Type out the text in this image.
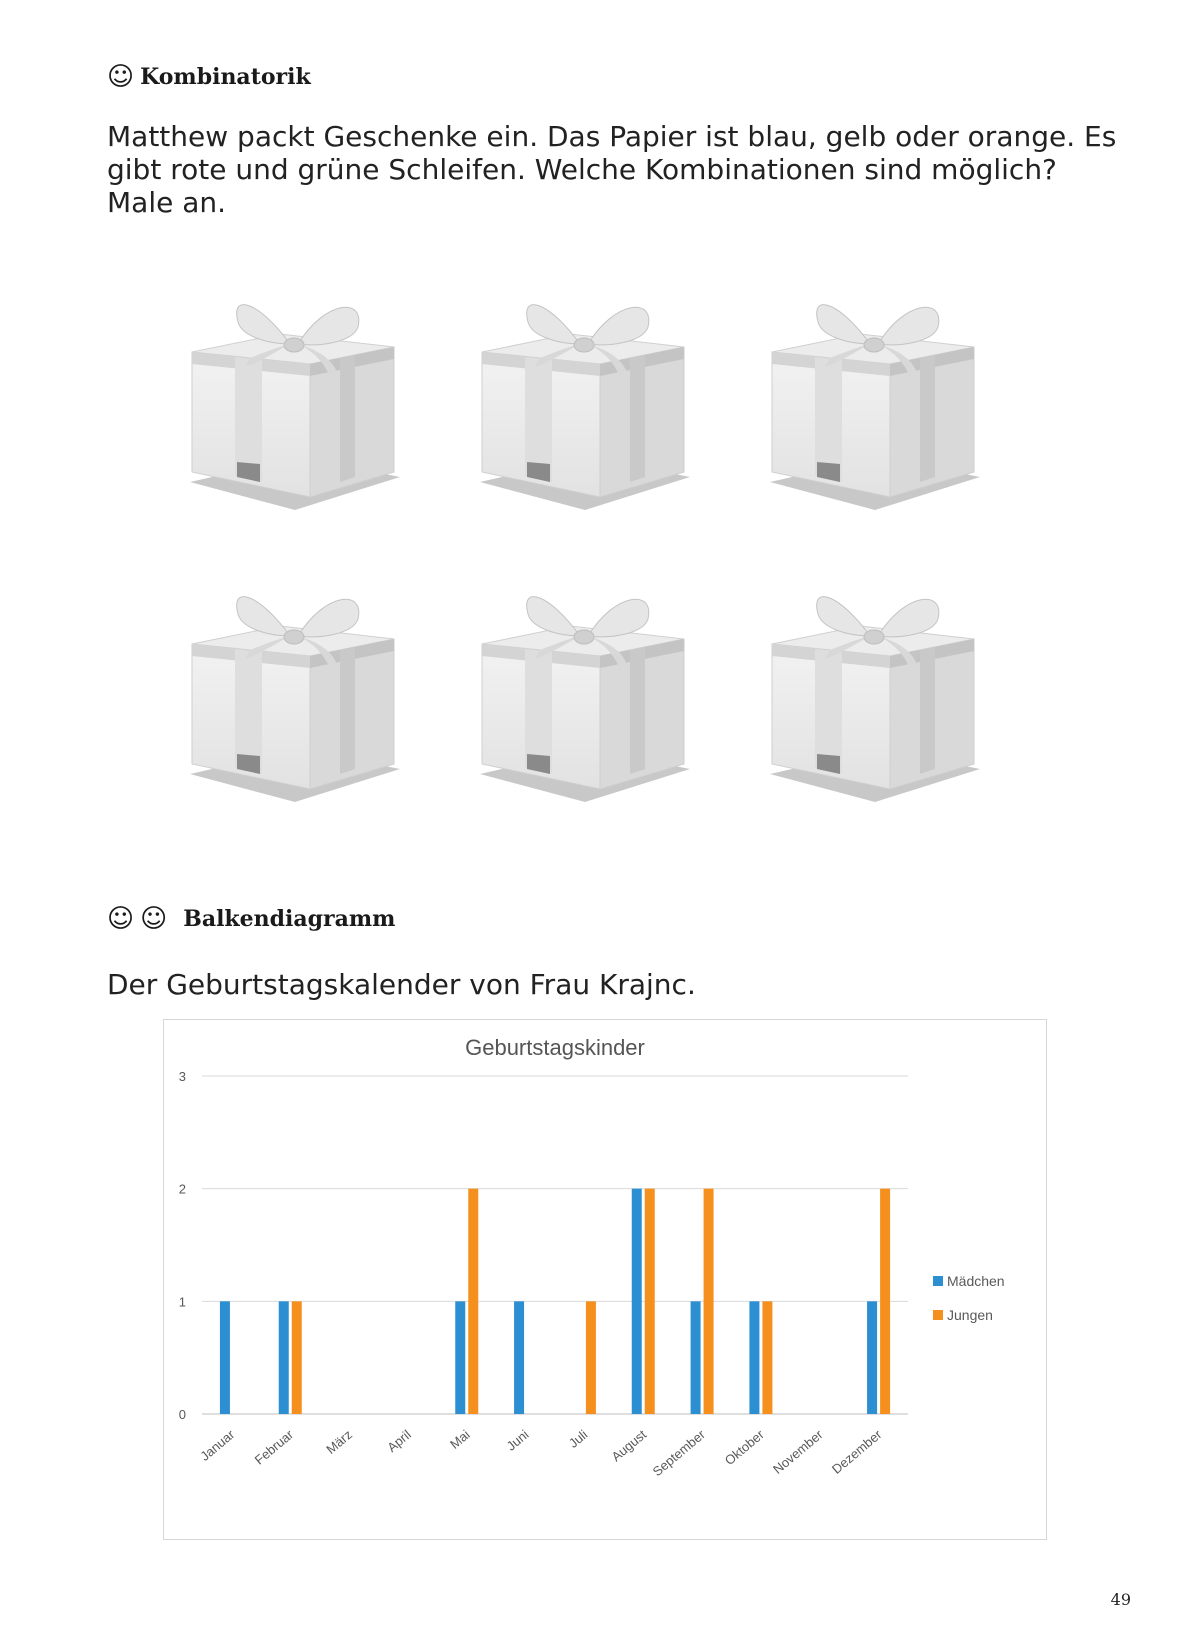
☺ Kombinatorik
Matthew packt Geschenke ein. Das Papier ist blau, gelb oder orange. Es gibt rote und grüne Schleifen. Welche Kombinationen sind möglich? Male an.
☺ ☺ Balkendiagramm
Der Geburtstagskalender von Frau Krajnc.
Geburtstagskinder
0
1
2
3
Januar Februar März April	Mai Juni	Juli August September Oktober November Dezember
Mädchen
Jungen
49
